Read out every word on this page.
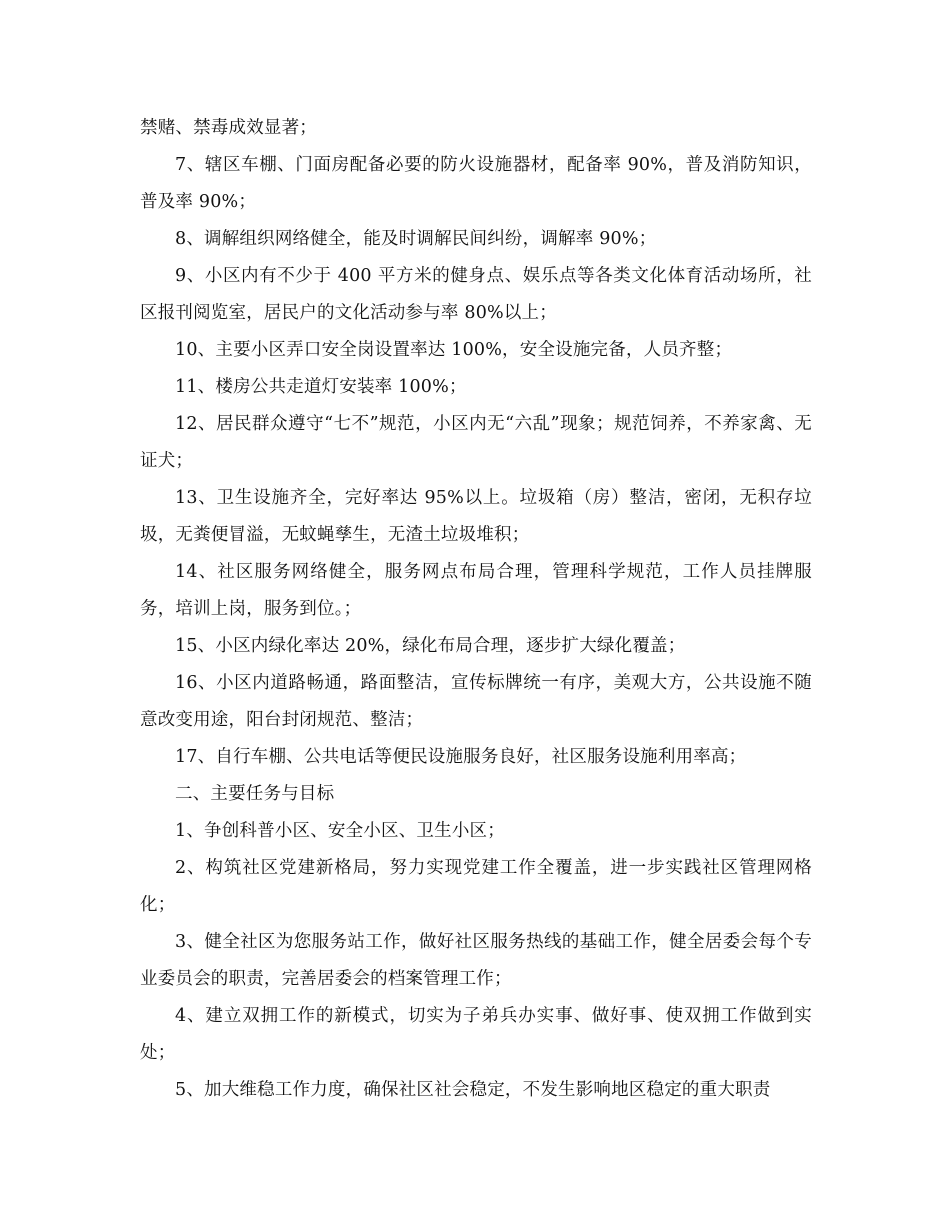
禁赌、禁毒成效显著；

7、辖区车棚、门面房配备必要的防火设施器材，配备率 90%，普及消防知识，普及率 90%；

8、调解组织网络健全，能及时调解民间纠纷，调解率 90%；

9、小区内有不少于 400 平方米的健身点、娱乐点等各类文化体育活动场所，社区报刊阅览室，居民户的文化活动参与率 80%以上；

10、主要小区弄口安全岗设置率达 100%，安全设施完备，人员齐整；

11、楼房公共走道灯安装率 100%；

12、居民群众遵守“七不”规范，小区内无“六乱”现象；规范饲养，不养家禽、无证犬；

13、卫生设施齐全，完好率达 95%以上。垃圾箱（房）整洁，密闭，无积存垃圾，无粪便冒溢，无蚊蝇孳生，无渣土垃圾堆积；

14、社区服务网络健全，服务网点布局合理，管理科学规范，工作人员挂牌服务，培训上岗，服务到位。；

15、小区内绿化率达 20%，绿化布局合理，逐步扩大绿化覆盖；

16、小区内道路畅通，路面整洁，宣传标牌统一有序，美观大方，公共设施不随意改变用途，阳台封闭规范、整洁；

17、自行车棚、公共电话等便民设施服务良好，社区服务设施利用率高；

二、主要任务与目标

1、争创科普小区、安全小区、卫生小区；

2、构筑社区党建新格局，努力实现党建工作全覆盖，进一步实践社区管理网格化；

3、健全社区为您服务站工作，做好社区服务热线的基础工作，健全居委会每个专业委员会的职责，完善居委会的档案管理工作；

4、建立双拥工作的新模式，切实为子弟兵办实事、做好事、使双拥工作做到实处；

5、加大维稳工作力度，确保社区社会稳定，不发生影响地区稳定的重大职责
